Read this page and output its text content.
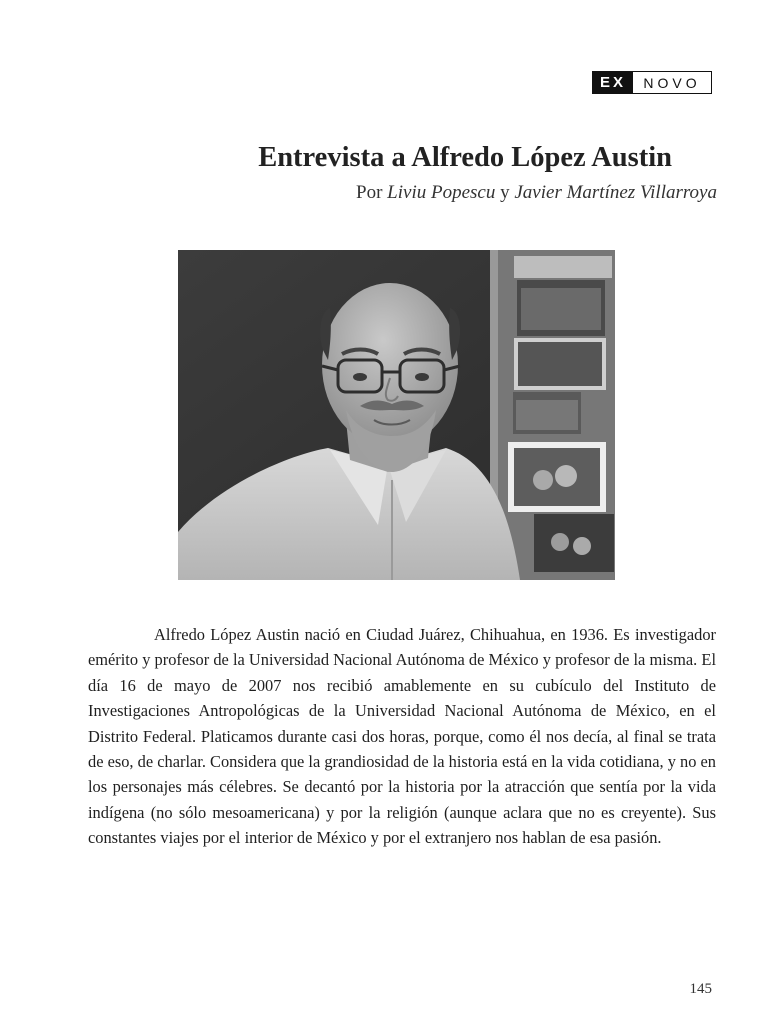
EX	NOVO
Entrevista a Alfredo López Austin
Por Liviu Popescu y Javier Martínez Villarroya

Alfredo López Austin nació en Ciudad Juárez, Chihuahua, en 1936. Es investigador emérito y profesor de la Universidad Nacional Autónoma de México y profesor de la misma. El día 16 de mayo de 2007 nos recibió amablemente en su cubículo del Instituto de Investigaciones Antropológicas de la Universidad Nacional Autónoma de México, en el Distrito Federal. Platicamos durante casi dos horas, porque, como él nos decía, al final se trata de eso, de charlar. Considera que la grandiosidad de la historia está en la vida cotidiana, y no en los personajes más célebres. Se decantó por la historia por la atracción que sentía por la vida indígena (no sólo mesoamericana) y por la religión (aunque aclara que no es creyente). Sus constantes viajes por el interior de México y por el extranjero nos hablan de esa pasión.

145
